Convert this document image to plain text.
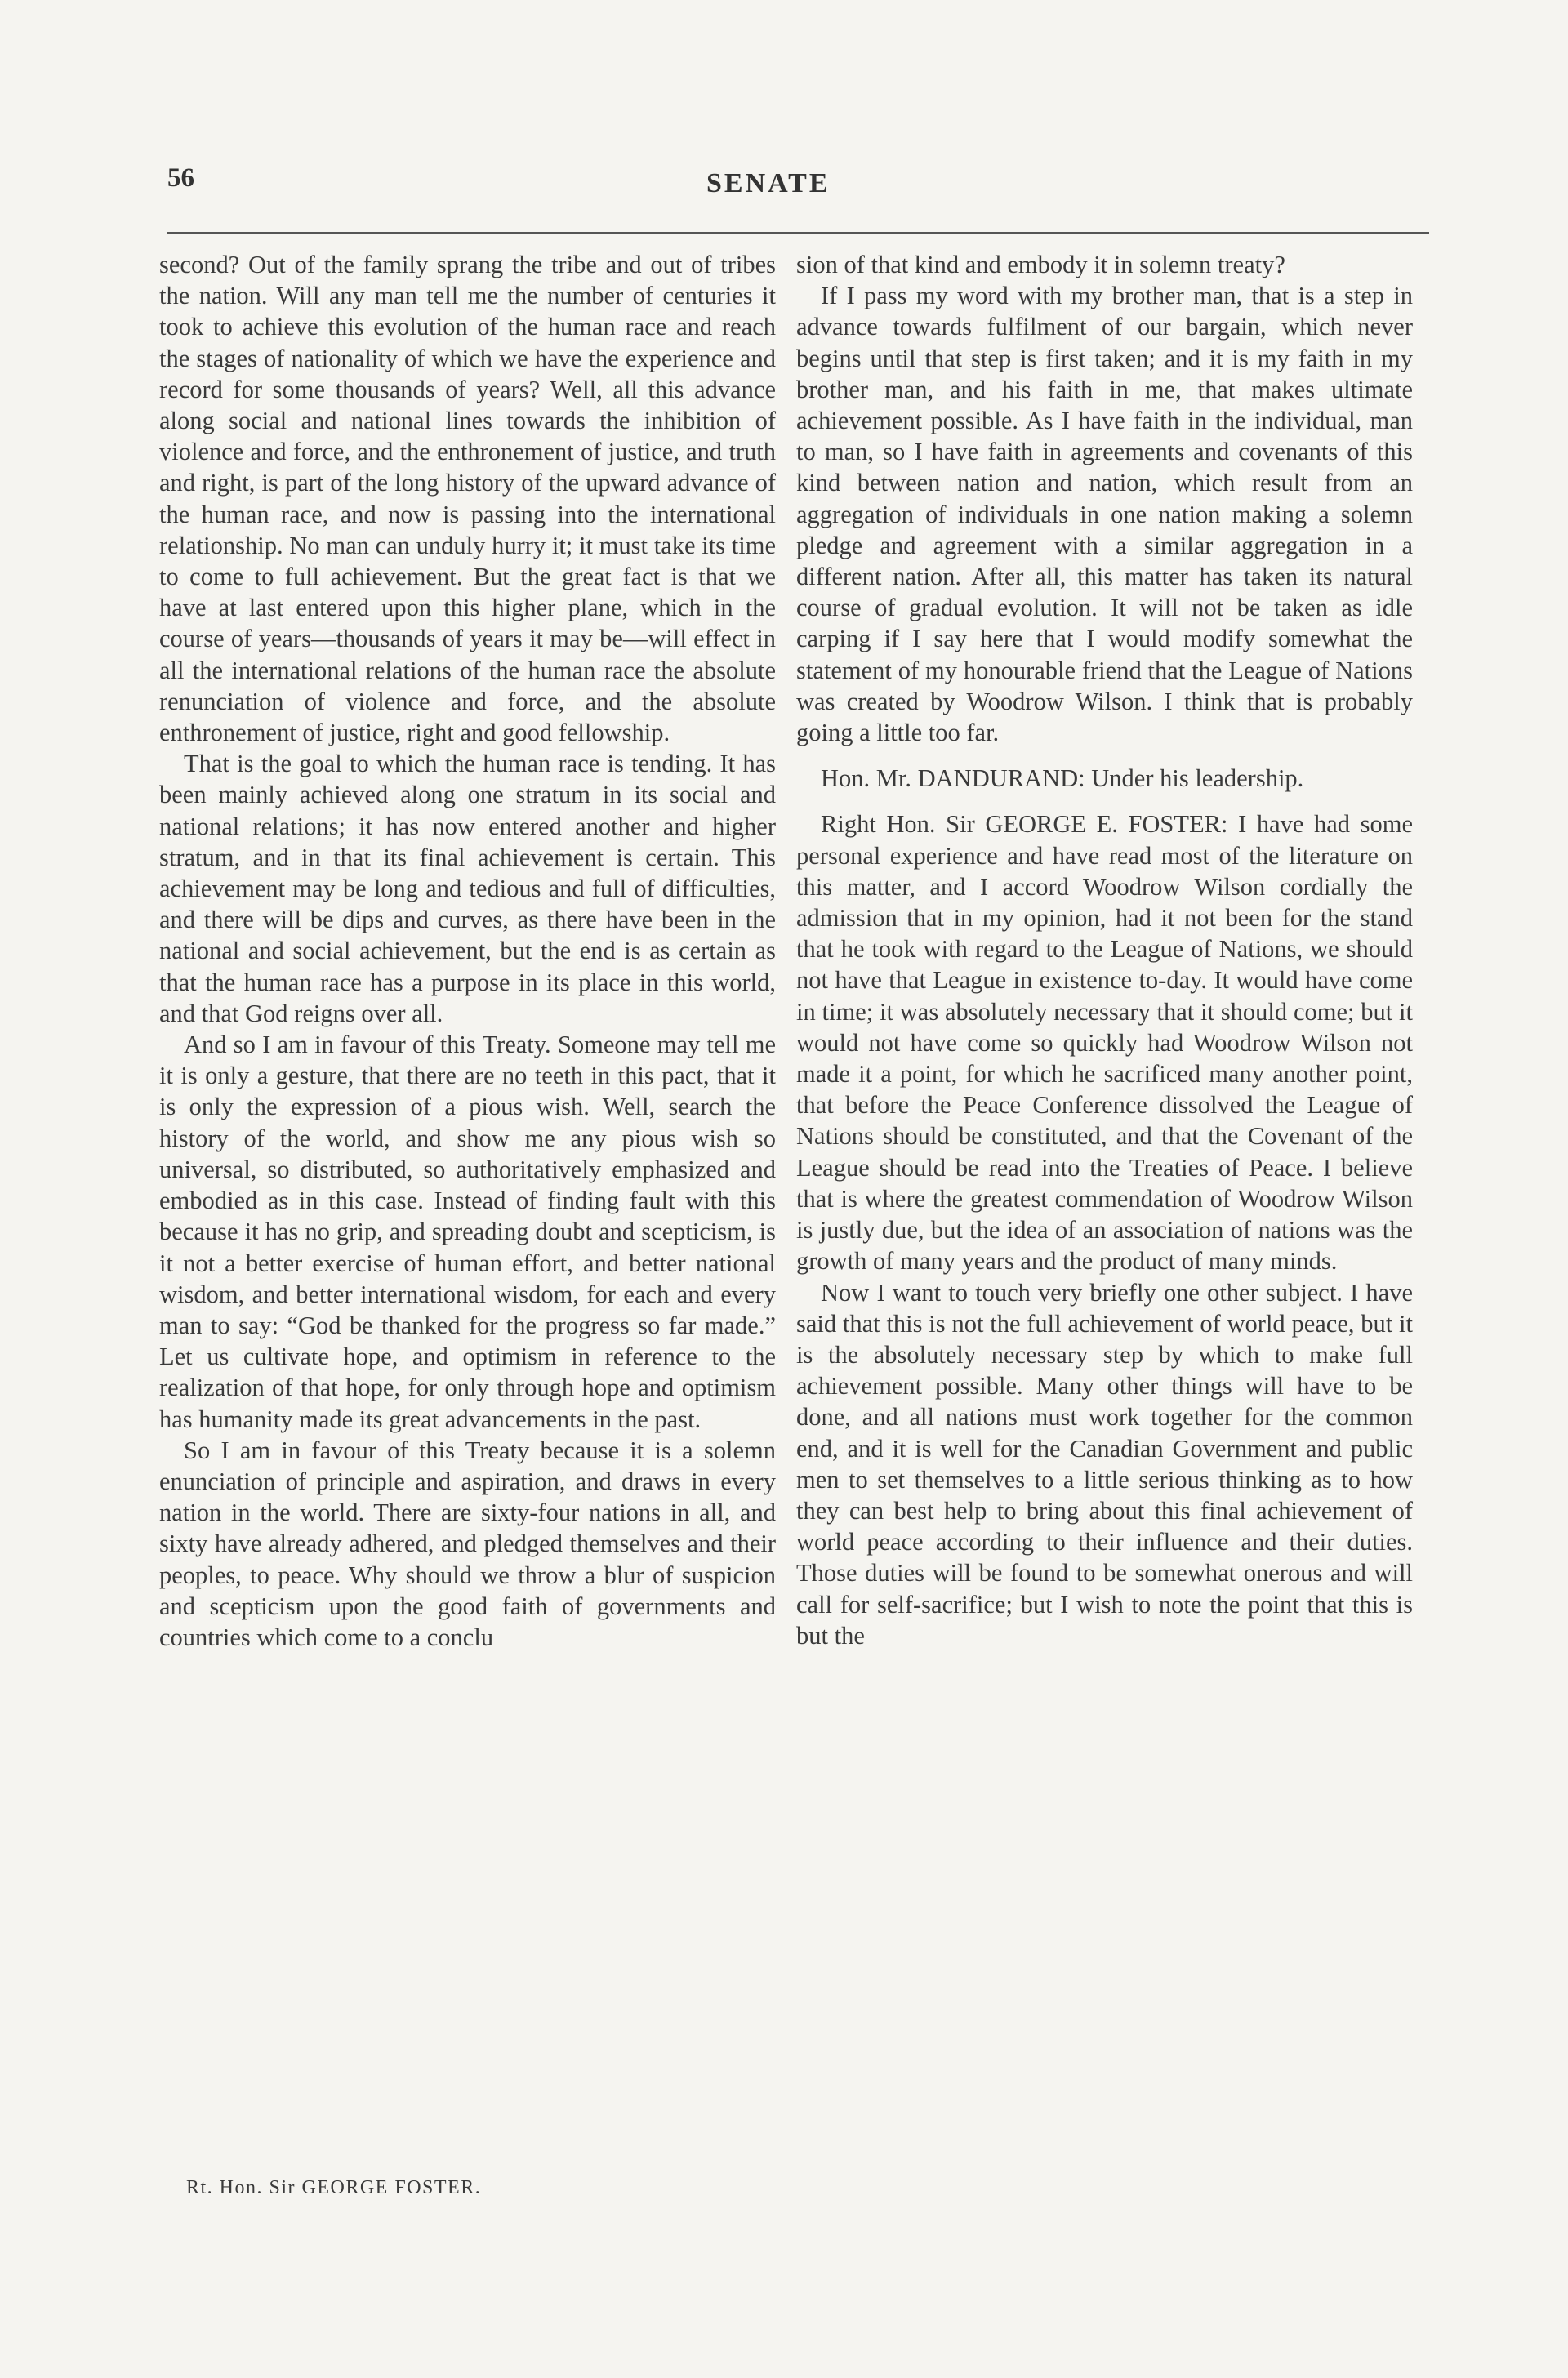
56	SENATE

second? Out of the family sprang the tribe and out of tribes the nation. Will any man tell me the number of centuries it took to achieve this evolution of the human race and reach the stages of nationality of which we have the experience and record for some thousands of years? Well, all this advance along social and national lines towards the inhibition of violence and force, and the enthronement of justice, and truth and right, is part of the long history of the upward advance of the human race, and now is passing into the international relationship. No man can unduly hurry it; it must take its time to come to full achievement. But the great fact is that we have at last entered upon this higher plane, which in the course of years—thousands of years it may be—will effect in all the international relations of the human race the absolute renunciation of violence and force, and the absolute enthronement of justice, right and good fellowship.

That is the goal to which the human race is tending. It has been mainly achieved along one stratum in its social and national relations; it has now entered another and higher stratum, and in that its final achievement is certain. This achievement may be long and tedious and full of difficulties, and there will be dips and curves, as there have been in the national and social achievement, but the end is as certain as that the human race has a purpose in its place in this world, and that God reigns over all.

And so I am in favour of this Treaty. Someone may tell me it is only a gesture, that there are no teeth in this pact, that it is only the expression of a pious wish. Well, search the history of the world, and show me any pious wish so universal, so distributed, so authoritatively emphasized and embodied as in this case. Instead of finding fault with this because it has no grip, and spreading doubt and scepticism, is it not a better exercise of human effort, and better national wisdom, and better international wisdom, for each and every man to say: “God be thanked for the progress so far made.” Let us cultivate hope, and optimism in reference to the realization of that hope, for only through hope and optimism has humanity made its great advancements in the past.

So I am in favour of this Treaty because it is a solemn enunciation of principle and aspiration, and draws in every nation in the world. There are sixty-four nations in all, and sixty have already adhered, and pledged themselves and their peoples, to peace. Why should we throw a blur of suspicion and scepticism upon the good faith of governments and countries which come to a conclu

sion of that kind and embody it in solemn treaty?

If I pass my word with my brother man, that is a step in advance towards fulfilment of our bargain, which never begins until that step is first taken; and it is my faith in my brother man, and his faith in me, that makes ultimate achievement possible. As I have faith in the individual, man to man, so I have faith in agreements and covenants of this kind between nation and nation, which result from an aggregation of individuals in one nation making a solemn pledge and agreement with a similar aggregation in a different nation. After all, this matter has taken its natural course of gradual evolution. It will not be taken as idle carping if I say here that I would modify somewhat the statement of my honourable friend that the League of Nations was created by Woodrow Wilson. I think that is probably going a little too far.

Hon. Mr. DANDURAND: Under his leadership.

Right Hon. Sir GEORGE E. FOSTER: I have had some personal experience and have read most of the literature on this matter, and I accord Woodrow Wilson cordially the admission that in my opinion, had it not been for the stand that he took with regard to the League of Nations, we should not have that League in existence to-day. It would have come in time; it was absolutely necessary that it should come; but it would not have come so quickly had Woodrow Wilson not made it a point, for which he sacrificed many another point, that before the Peace Conference dissolved the League of Nations should be constituted, and that the Covenant of the League should be read into the Treaties of Peace. I believe that is where the greatest commendation of Woodrow Wilson is justly due, but the idea of an association of nations was the growth of many years and the product of many minds.

Now I want to touch very briefly one other subject. I have said that this is not the full achievement of world peace, but it is the absolutely necessary step by which to make full achievement possible. Many other things will have to be done, and all nations must work together for the common end, and it is well for the Canadian Government and public men to set themselves to a little serious thinking as to how they can best help to bring about this final achievement of world peace according to their influence and their duties. Those duties will be found to be somewhat onerous and will call for self-sacrifice; but I wish to note the point that this is but the

Rt. Hon. Sir GEORGE FOSTER.
